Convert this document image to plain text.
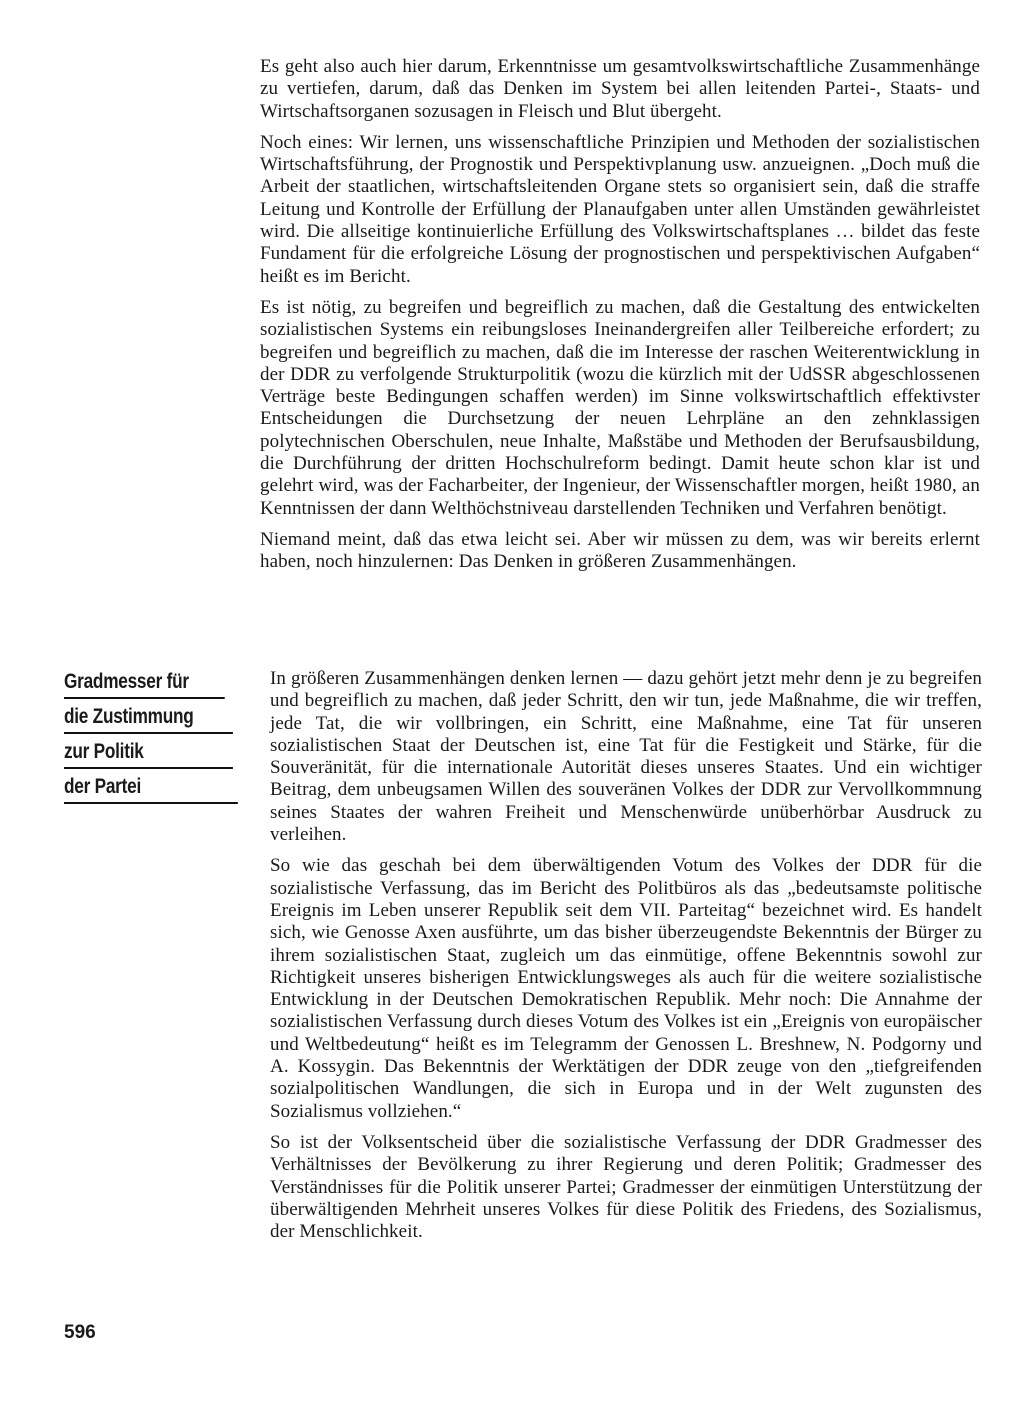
Es geht also auch hier darum, Erkenntnisse um gesamtvolkswirtschaftliche Zusammenhänge zu vertiefen, darum, daß das Denken im System bei allen leitenden Partei-, Staats- und Wirtschaftsorganen sozusagen in Fleisch und Blut übergeht.

Noch eines: Wir lernen, uns wissenschaftliche Prinzipien und Methoden der sozialistischen Wirtschaftsführung, der Prognostik und Perspektivplanung usw. anzueignen. „Doch muß die Arbeit der staatlichen, wirtschaftsleitenden Organe stets so organisiert sein, daß die straffe Leitung und Kontrolle der Erfüllung der Planaufgaben unter allen Umständen gewährleistet wird. Die allseitige kontinuierliche Erfüllung des Volkswirtschaftsplanes … bildet das feste Fundament für die erfolgreiche Lösung der prognostischen und perspektivischen Aufgaben“ heißt es im Bericht.

Es ist nötig, zu begreifen und begreiflich zu machen, daß die Gestaltung des entwickelten sozialistischen Systems ein reibungsloses Ineinandergreifen aller Teilbereiche erfordert; zu begreifen und begreiflich zu machen, daß die im Interesse der raschen Weiterentwicklung in der DDR zu verfolgende Strukturpolitik (wozu die kürzlich mit der UdSSR abgeschlossenen Verträge beste Bedingungen schaffen werden) im Sinne volkswirtschaftlich effektivster Entscheidungen die Durchsetzung der neuen Lehrpläne an den zehnklassigen polytechnischen Oberschulen, neue Inhalte, Maßstäbe und Methoden der Berufsausbildung, die Durchführung der dritten Hochschulreform bedingt. Damit heute schon klar ist und gelehrt wird, was der Facharbeiter, der Ingenieur, der Wissenschaftler morgen, heißt 1980, an Kenntnissen der dann Welthöchstniveau darstellenden Techniken und Verfahren benötigt.

Niemand meint, daß das etwa leicht sei. Aber wir müssen zu dem, was wir bereits erlernt haben, noch hinzulernen: Das Denken in größeren Zusammenhängen.

Gradmesser für
die Zustimmung
zur Politik
der Partei

In größeren Zusammenhängen denken lernen — dazu gehört jetzt mehr denn je zu begreifen und begreiflich zu machen, daß jeder Schritt, den wir tun, jede Maßnahme, die wir treffen, jede Tat, die wir vollbringen, ein Schritt, eine Maßnahme, eine Tat für unseren sozialistischen Staat der Deutschen ist, eine Tat für die Festigkeit und Stärke, für die Souveränität, für die internationale Autorität dieses unseres Staates. Und ein wichtiger Beitrag, dem unbeugsamen Willen des souveränen Volkes der DDR zur Vervollkommnung seines Staates der wahren Freiheit und Menschenwürde unüberhörbar Ausdruck zu verleihen.

So wie das geschah bei dem überwältigenden Votum des Volkes der DDR für die sozialistische Verfassung, das im Bericht des Politbüros als das „bedeutsamste politische Ereignis im Leben unserer Republik seit dem VII. Parteitag“ bezeichnet wird. Es handelt sich, wie Genosse Axen ausführte, um das bisher überzeugendste Bekenntnis der Bürger zu ihrem sozialistischen Staat, zugleich um das einmütige, offene Bekenntnis sowohl zur Richtigkeit unseres bisherigen Entwicklungsweges als auch für die weitere sozialistische Entwicklung in der Deutschen Demokratischen Republik. Mehr noch: Die Annahme der sozialistischen Verfassung durch dieses Votum des Volkes ist ein „Ereignis von europäischer und Weltbedeutung“ heißt es im Telegramm der Genossen L. Breshnew, N. Podgorny und A. Kossygin. Das Bekenntnis der Werktätigen der DDR zeuge von den „tiefgreifenden sozialpolitischen Wandlungen, die sich in Europa und in der Welt zugunsten des Sozialismus vollziehen.“

So ist der Volksentscheid über die sozialistische Verfassung der DDR Gradmesser des Verhältnisses der Bevölkerung zu ihrer Regierung und deren Politik; Gradmesser des Verständnisses für die Politik unserer Partei; Gradmesser der einmütigen Unterstützung der überwältigenden Mehrheit unseres Volkes für diese Politik des Friedens, des Sozialismus, der Menschlichkeit.

596
